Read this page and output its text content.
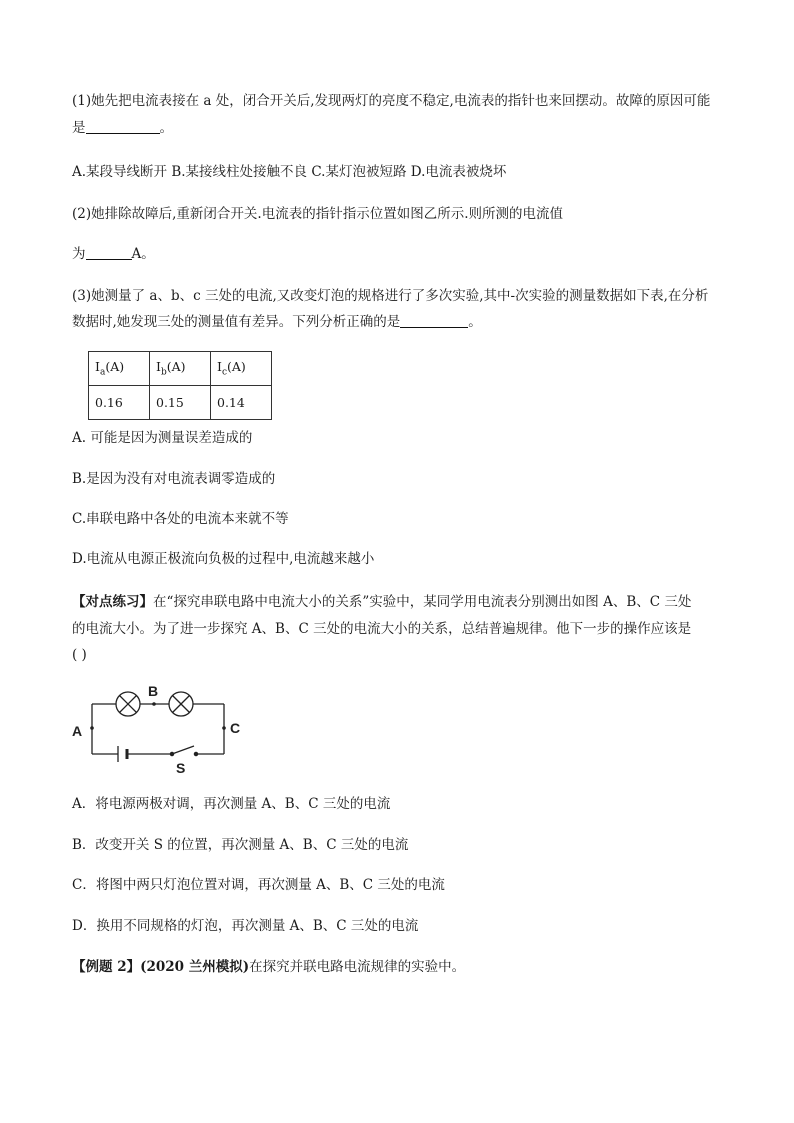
(1)她先把电流表接在 a 处，闭合开关后,发现两灯的亮度不稳定,电流表的指针也来回摆动。故障的原因可能
是	。
A.某段导线断开 B.某接线柱处接触不良 C.某灯泡被短路 D.电流表被烧坏
(2)她排除故障后,重新闭合开关.电流表的指针指示位置如图乙所示.则所测的电流值
为	A。
(3)她测量了 a、b、c 三处的电流,又改变灯泡的规格进行了多次实验,其中-次实验的测量数据如下表,在分析
数据时,她发现三处的测量值有差异。下列分析正确的是	。
$I_a(A)$	$I_b(A)$	$I_c(A)$
0.16	0.15	0.14
A. 可能是因为测量误差造成的
B.是因为没有对电流表调零造成的
C.串联电路中各处的电流本来就不等
D.电流从电源正极流向负极的过程中,电流越来越小
【对点练习】在“探究串联电路中电流大小的关系”实验中，某同学用电流表分别测出如图 A、B、C 三处
的电流大小。为了进一步探究 A、B、C 三处的电流大小的关系，总结普遍规律。他下一步的操作应该是
( )
A
B
C
S
A．将电源两极对调，再次测量 A、B、C 三处的电流
B．改变开关 S 的位置，再次测量 A、B、C 三处的电流
C．将图中两只灯泡位置对调，再次测量 A、B、C 三处的电流
D．换用不同规格的灯泡，再次测量 A、B、C 三处的电流
【例题 2】(2020 兰州模拟)在探究并联电路电流规律的实验中。
